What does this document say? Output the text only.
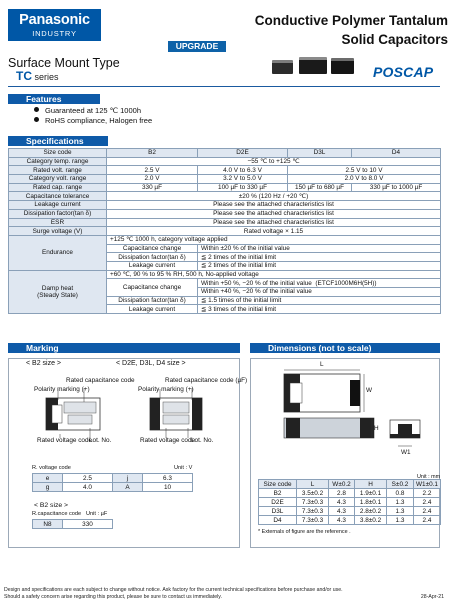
Panasonic
INDUSTRY
UPGRADE
Conductive Polymer Tantalum
Solid Capacitors
Surface Mount Type
TC series	POSCAP
Features
Guaranteed at 125 ℃ 1000h
RoHS compliance, Halogen free
Specifications
Size code	B2	D2E	D3L	D4
Category temp. range	−55 ℃ to +125 ℃			
Rated volt. range	2.5 V	4.0 V to 6.3 V	2.5 V to 10 V	
Category volt. range	2.0 V	3.2 V to 5.0 V	2.0 V to 8.0 V	
Rated cap. range	330 µF	100 µF to 330 µF	150 µF to 680 µF	330 µF to 1000 µF
Capacitance tolerance	±20 % (120 Hz / +20 ℃)			
Leakage current	Please see the attached characteristics list			
Dissipation factor(tan δ)	Please see the attached characteristics list			
ESR	Please see the attached characteristics list			
Surge voltage (V)	Rated voltage × 1.15			
Endurance	+125 ℃ 1000 h, category voltage applied			
	Capacitance change	Within ±20 % of the initial value		
	Dissipation factor(tan δ)	≦ 2 times of the initial limit		
	Leakage current	≦ 2 times of the initial limit		

Damp heat
(Steady State)	+60 ℃, 90 % to 95 % RH, 500 h, No-applied voltage			
	Capacitance change	Within +50 %, −20 % of the initial value (ETCF1000M6H(5H))		
		Within +40 %, −20 % of the initial value		
	Dissipation factor(tan δ)	≦ 1.5 times of the initial limit		
	Leakage current	≦ 3 times of the initial limit		
Marking
< B2 size >	< D2E, D3L, D4 size >
Rated capacitance code	Rated capacitance code (µF)
Polarity marking (+)	Polarity marking (+)
Rated voltage code
Lot. No.	Rated voltage code
Lot. No.
R. voltage code	Unit : V
e	2.5	j	6.3
g	4.0	A	10
< B2 size >
R.capacitance code Unit : µF
N8	330
Dimensions (not to scale)
L
W
H
W1
Unit : mm
Size code	L	W±0.2	H	S±0.2	W1±0.1
B2	3.5±0.2	2.8	1.9±0.1	0.8	2.2
D2E	7.3±0.3	4.3	1.8±0.1	1.3	2.4
D3L	7.3±0.3	4.3	2.8±0.2	1.3	2.4
D4	7.3±0.3	4.3	3.8±0.2	1.3	2.4
* Externals of figure are the reference .
Design and specifications are each subject to change without notice. Ask factory for the current technical specifications before purchase and/or use.
Should a safety concern arise regarding this product, please be sure to contact us immediately.	28-Apr-21
